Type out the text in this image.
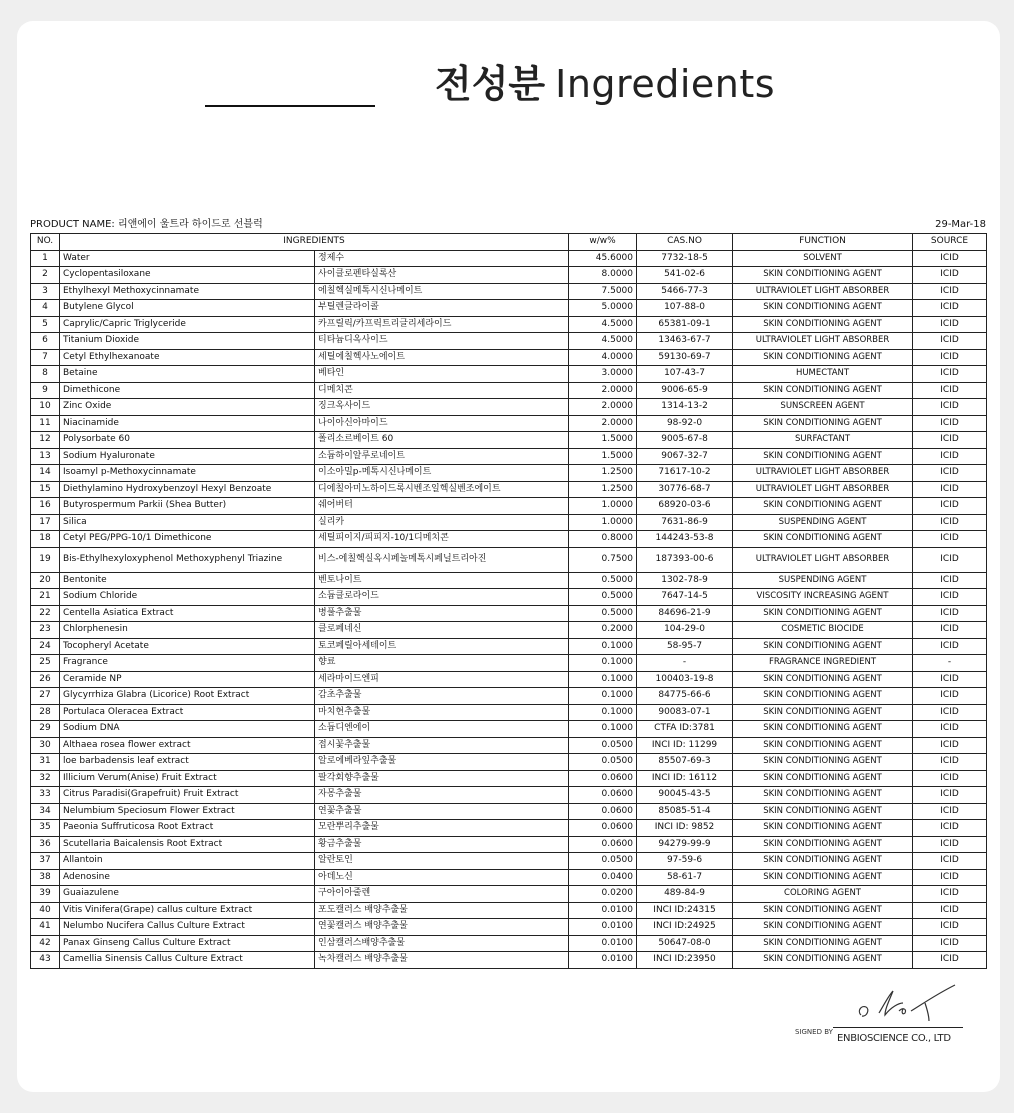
전성분 Ingredients
PRODUCT NAME: 리앤에이 울트라 하이드로 선블럭	29-Mar-18
NO.	INGREDIENTS		w/w%	CAS.NO	FUNCTION	SOURCE
1	Water	정제수	45.6000	7732-18-5	SOLVENT	ICID
2	Cyclopentasiloxane	사이클로펜타실록산	8.0000	541-02-6	SKIN CONDITIONING AGENT	ICID
3	Ethylhexyl Methoxycinnamate	에칠헥실메톡시신나메이트	7.5000	5466-77-3	ULTRAVIOLET LIGHT ABSORBER	ICID
4	Butylene Glycol	부틸렌글라이콜	5.0000	107-88-0	SKIN CONDITIONING AGENT	ICID
5	Caprylic/Capric Triglyceride	카프릴릭/카프릭트리글리세라이드	4.5000	65381-09-1	SKIN CONDITIONING AGENT	ICID
6	Titanium Dioxide	티타늄디옥사이드	4.5000	13463-67-7	ULTRAVIOLET LIGHT ABSORBER	ICID
7	Cetyl Ethylhexanoate	세틸에칠헥사노에이트	4.0000	59130-69-7	SKIN CONDITIONING AGENT	ICID
8	Betaine	베타인	3.0000	107-43-7	HUMECTANT	ICID
9	Dimethicone	디메치콘	2.0000	9006-65-9	SKIN CONDITIONING AGENT	ICID
10	Zinc Oxide	징크옥사이드	2.0000	1314-13-2	SUNSCREEN AGENT	ICID
11	Niacinamide	나이아신아마이드	2.0000	98-92-0	SKIN CONDITIONING AGENT	ICID
12	Polysorbate 60	폴리소르베이트 60	1.5000	9005-67-8	SURFACTANT	ICID
13	Sodium Hyaluronate	소듐하이알루로네이트	1.5000	9067-32-7	SKIN CONDITIONING AGENT	ICID
14	Isoamyl p-Methoxycinnamate	이소아밀p-메톡시신나메이트	1.2500	71617-10-2	ULTRAVIOLET LIGHT ABSORBER	ICID
15	Diethylamino Hydroxybenzoyl Hexyl Benzoate	디에칠아미노하이드록시벤조일헥실벤조에이트	1.2500	30776-68-7	ULTRAVIOLET LIGHT ABSORBER	ICID
16	Butyrospermum Parkii (Shea Butter)	쉐어버터	1.0000	68920-03-6	SKIN CONDITIONING AGENT	ICID
17	Silica	실리카	1.0000	7631-86-9	SUSPENDING AGENT	ICID
18	Cetyl PEG/PPG-10/1 Dimethicone	세틸피이지/피피지-10/1디메치콘	0.8000	144243-53-8	SKIN CONDITIONING AGENT	ICID
19	Bis-Ethylhexyloxyphenol Methoxyphenyl Triazine	비스-에칠헥실옥시페놀메톡시페닐트리아진	0.7500	187393-00-6	ULTRAVIOLET LIGHT ABSORBER	ICID
20	Bentonite	벤토나이트	0.5000	1302-78-9	SUSPENDING AGENT	ICID
21	Sodium Chloride	소듐클로라이드	0.5000	7647-14-5	VISCOSITY INCREASING AGENT	ICID
22	Centella Asiatica Extract	병풀추출물	0.5000	84696-21-9	SKIN CONDITIONING AGENT	ICID
23	Chlorphenesin	클로페네신	0.2000	104-29-0	COSMETIC BIOCIDE	ICID
24	Tocopheryl Acetate	토코페릴아세테이트	0.1000	58-95-7	SKIN CONDITIONING AGENT	ICID
25	Fragrance	향료	0.1000	-	FRAGRANCE INGREDIENT	-
26	Ceramide NP	세라마이드엔피	0.1000	100403-19-8	SKIN CONDITIONING AGENT	ICID
27	Glycyrrhiza Glabra (Licorice) Root Extract	감초추출물	0.1000	84775-66-6	SKIN CONDITIONING AGENT	ICID
28	Portulaca Oleracea Extract	마치현추출물	0.1000	90083-07-1	SKIN CONDITIONING AGENT	ICID
29	Sodium DNA	소듐디엔에이	0.1000	CTFA ID:3781	SKIN CONDITIONING AGENT	ICID
30	Althaea rosea flower extract	접시꽃추출물	0.0500	INCI ID: 11299	SKIN CONDITIONING AGENT	ICID
31	loe barbadensis leaf extract	알로에베라잎추출물	0.0500	85507-69-3	SKIN CONDITIONING AGENT	ICID
32	Illicium Verum(Anise) Fruit Extract	팔각회향추출물	0.0600	INCI ID: 16112	SKIN CONDITIONING AGENT	ICID
33	Citrus Paradisi(Grapefruit) Fruit Extract	자몽추출물	0.0600	90045-43-5	SKIN CONDITIONING AGENT	ICID
34	Nelumbium Speciosum Flower Extract	연꽃추출물	0.0600	85085-51-4	SKIN CONDITIONING AGENT	ICID
35	Paeonia Suffruticosa Root Extract	모란뿌리추출물	0.0600	INCI ID: 9852	SKIN CONDITIONING AGENT	ICID
36	Scutellaria Baicalensis Root Extract	황금추출물	0.0600	94279-99-9	SKIN CONDITIONING AGENT	ICID
37	Allantoin	알란토인	0.0500	97-59-6	SKIN CONDITIONING AGENT	ICID
38	Adenosine	아데노신	0.0400	58-61-7	SKIN CONDITIONING AGENT	ICID
39	Guaiazulene	구아이아줄렌	0.0200	489-84-9	COLORING AGENT	ICID
40	Vitis Vinifera(Grape) callus culture Extract	포도캘러스 배양추출물	0.0100	INCI ID:24315	SKIN CONDITIONING AGENT	ICID
41	Nelumbo Nucifera Callus Culture Extract	연꽃캘러스 배양추출물	0.0100	INCI ID:24925	SKIN CONDITIONING AGENT	ICID
42	Panax Ginseng Callus Culture Extract	인삼캘러스배양추출물	0.0100	50647-08-0	SKIN CONDITIONING AGENT	ICID
43	Camellia Sinensis Callus Culture Extract	녹차캘러스 배양추출물	0.0100	INCI ID:23950	SKIN CONDITIONING AGENT	ICID
SIGNED BY
ENBIOSCIENCE CO., LTD
